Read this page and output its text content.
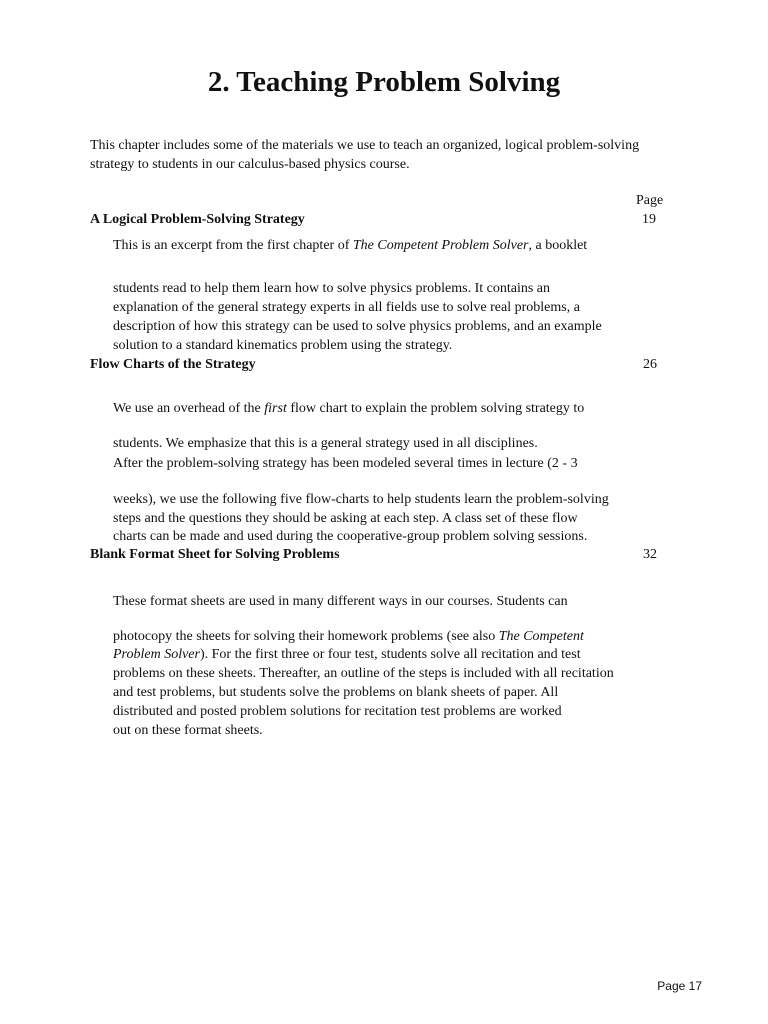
2. Teaching Problem Solving
This chapter includes some of the materials we use to teach an organized, logical problem-solving
strategy to students in our calculus-based physics course.
Page
A Logical Problem-Solving Strategy	19
This is an excerpt from the first chapter of The Competent Problem Solver, a booklet
students read to help them learn how to solve physics problems. It contains an
explanation of the general strategy experts in all fields use to solve real problems, a
description of how this strategy can be used to solve physics problems, and an example
solution to a standard kinematics problem using the strategy.
Flow Charts of the Strategy	26
We use an overhead of the first flow chart to explain the problem solving strategy to
students. We emphasize that this is a general strategy used in all disciplines.
After the problem-solving strategy has been modeled several times in lecture (2 - 3
weeks), we use the following five flow-charts to help students learn the problem-solving
steps and the questions they should be asking at each step. A class set of these flow
charts can be made and used during the cooperative-group problem solving sessions.
Blank Format Sheet for Solving Problems	32
These format sheets are used in many different ways in our courses. Students can
photocopy the sheets for solving their homework problems (see also The Competent
Problem Solver). For the first three or four test, students solve all recitation and test
problems on these sheets. Thereafter, an outline of the steps is included with all recitation
and test problems, but students solve the problems on blank sheets of paper. All
distributed and posted problem solutions for recitation test problems are worked
out on these format sheets.
Page 17
